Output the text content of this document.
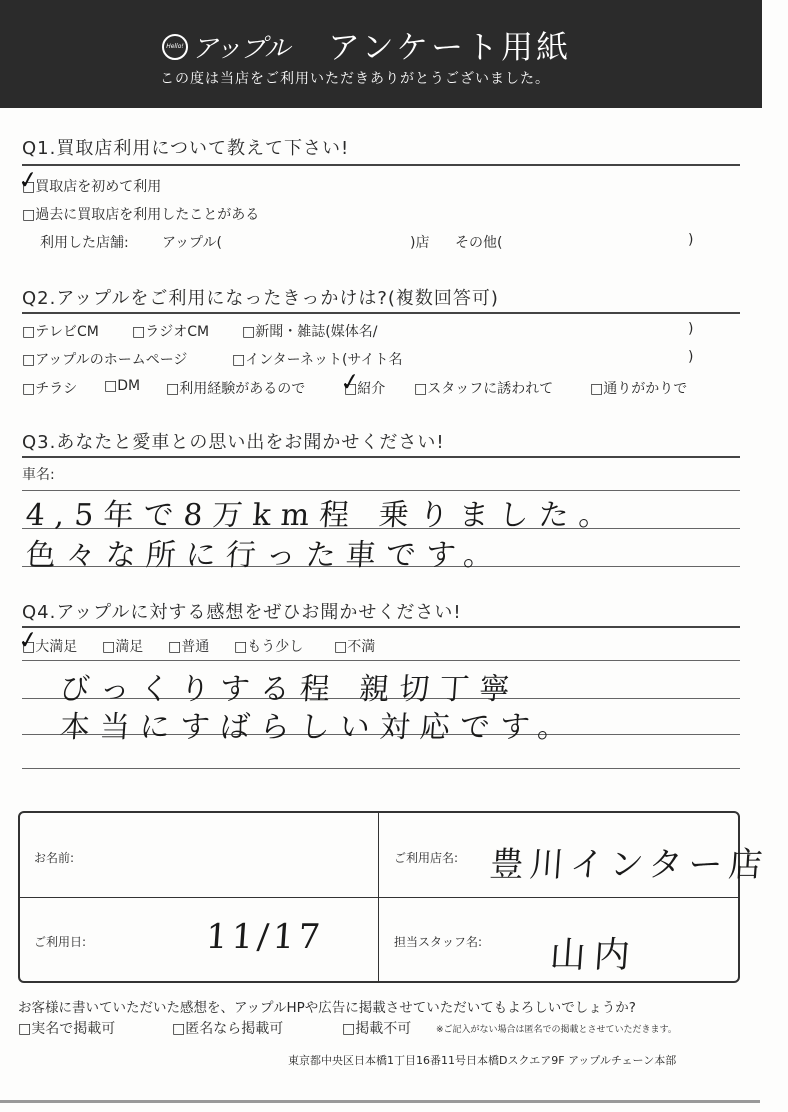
Hello! アップル アンケート用紙
この度は当店をご利用いただきありがとうございました。
Q1.買取店利用について教えて下さい!
□ 買取店を初めて利用
✓
□ 過去に買取店を利用したことがある
利用した店舗: アップル(	)店 その他(	)
Q2.アップルをご利用になったきっかけは?(複数回答可)
□ テレビCM	□ ラジオCM	□ 新聞・雑誌(媒体名/	)
□ アップルのホームページ	□ インターネット(サイト名	)
□ チラシ	□ DM	□ 利用経験があるので	□ 紹介
✓	□ スタッフに誘われて	□ 通りがかりで
Q3.あなたと愛車との思い出をお聞かせください!
車名:
4,5年で8万km程 乗りました。
色々な所に行った車です。
Q4.アップルに対する感想をぜひお聞かせください!
□ 大満足
✓	□ 満足	□ 普通	□ もう少し	□ 不満
びっくりする程 親切丁寧
本当にすばらしい対応です。
お名前:	ご利用店名: 豊川インター店
ご利用日:	11/17	担当スタッフ名: 山内
お客様に書いていただいた感想を、アップルHPや広告に掲載させていただいてもよろしいでしょうか?
□ 実名で掲載可	□ 匿名なら掲載可	□ 掲載不可	※ご記入がない場合は匿名での掲載とさせていただきます。
東京都中央区日本橋1丁目16番11号日本橋Dスクエア9F アップルチェーン本部
